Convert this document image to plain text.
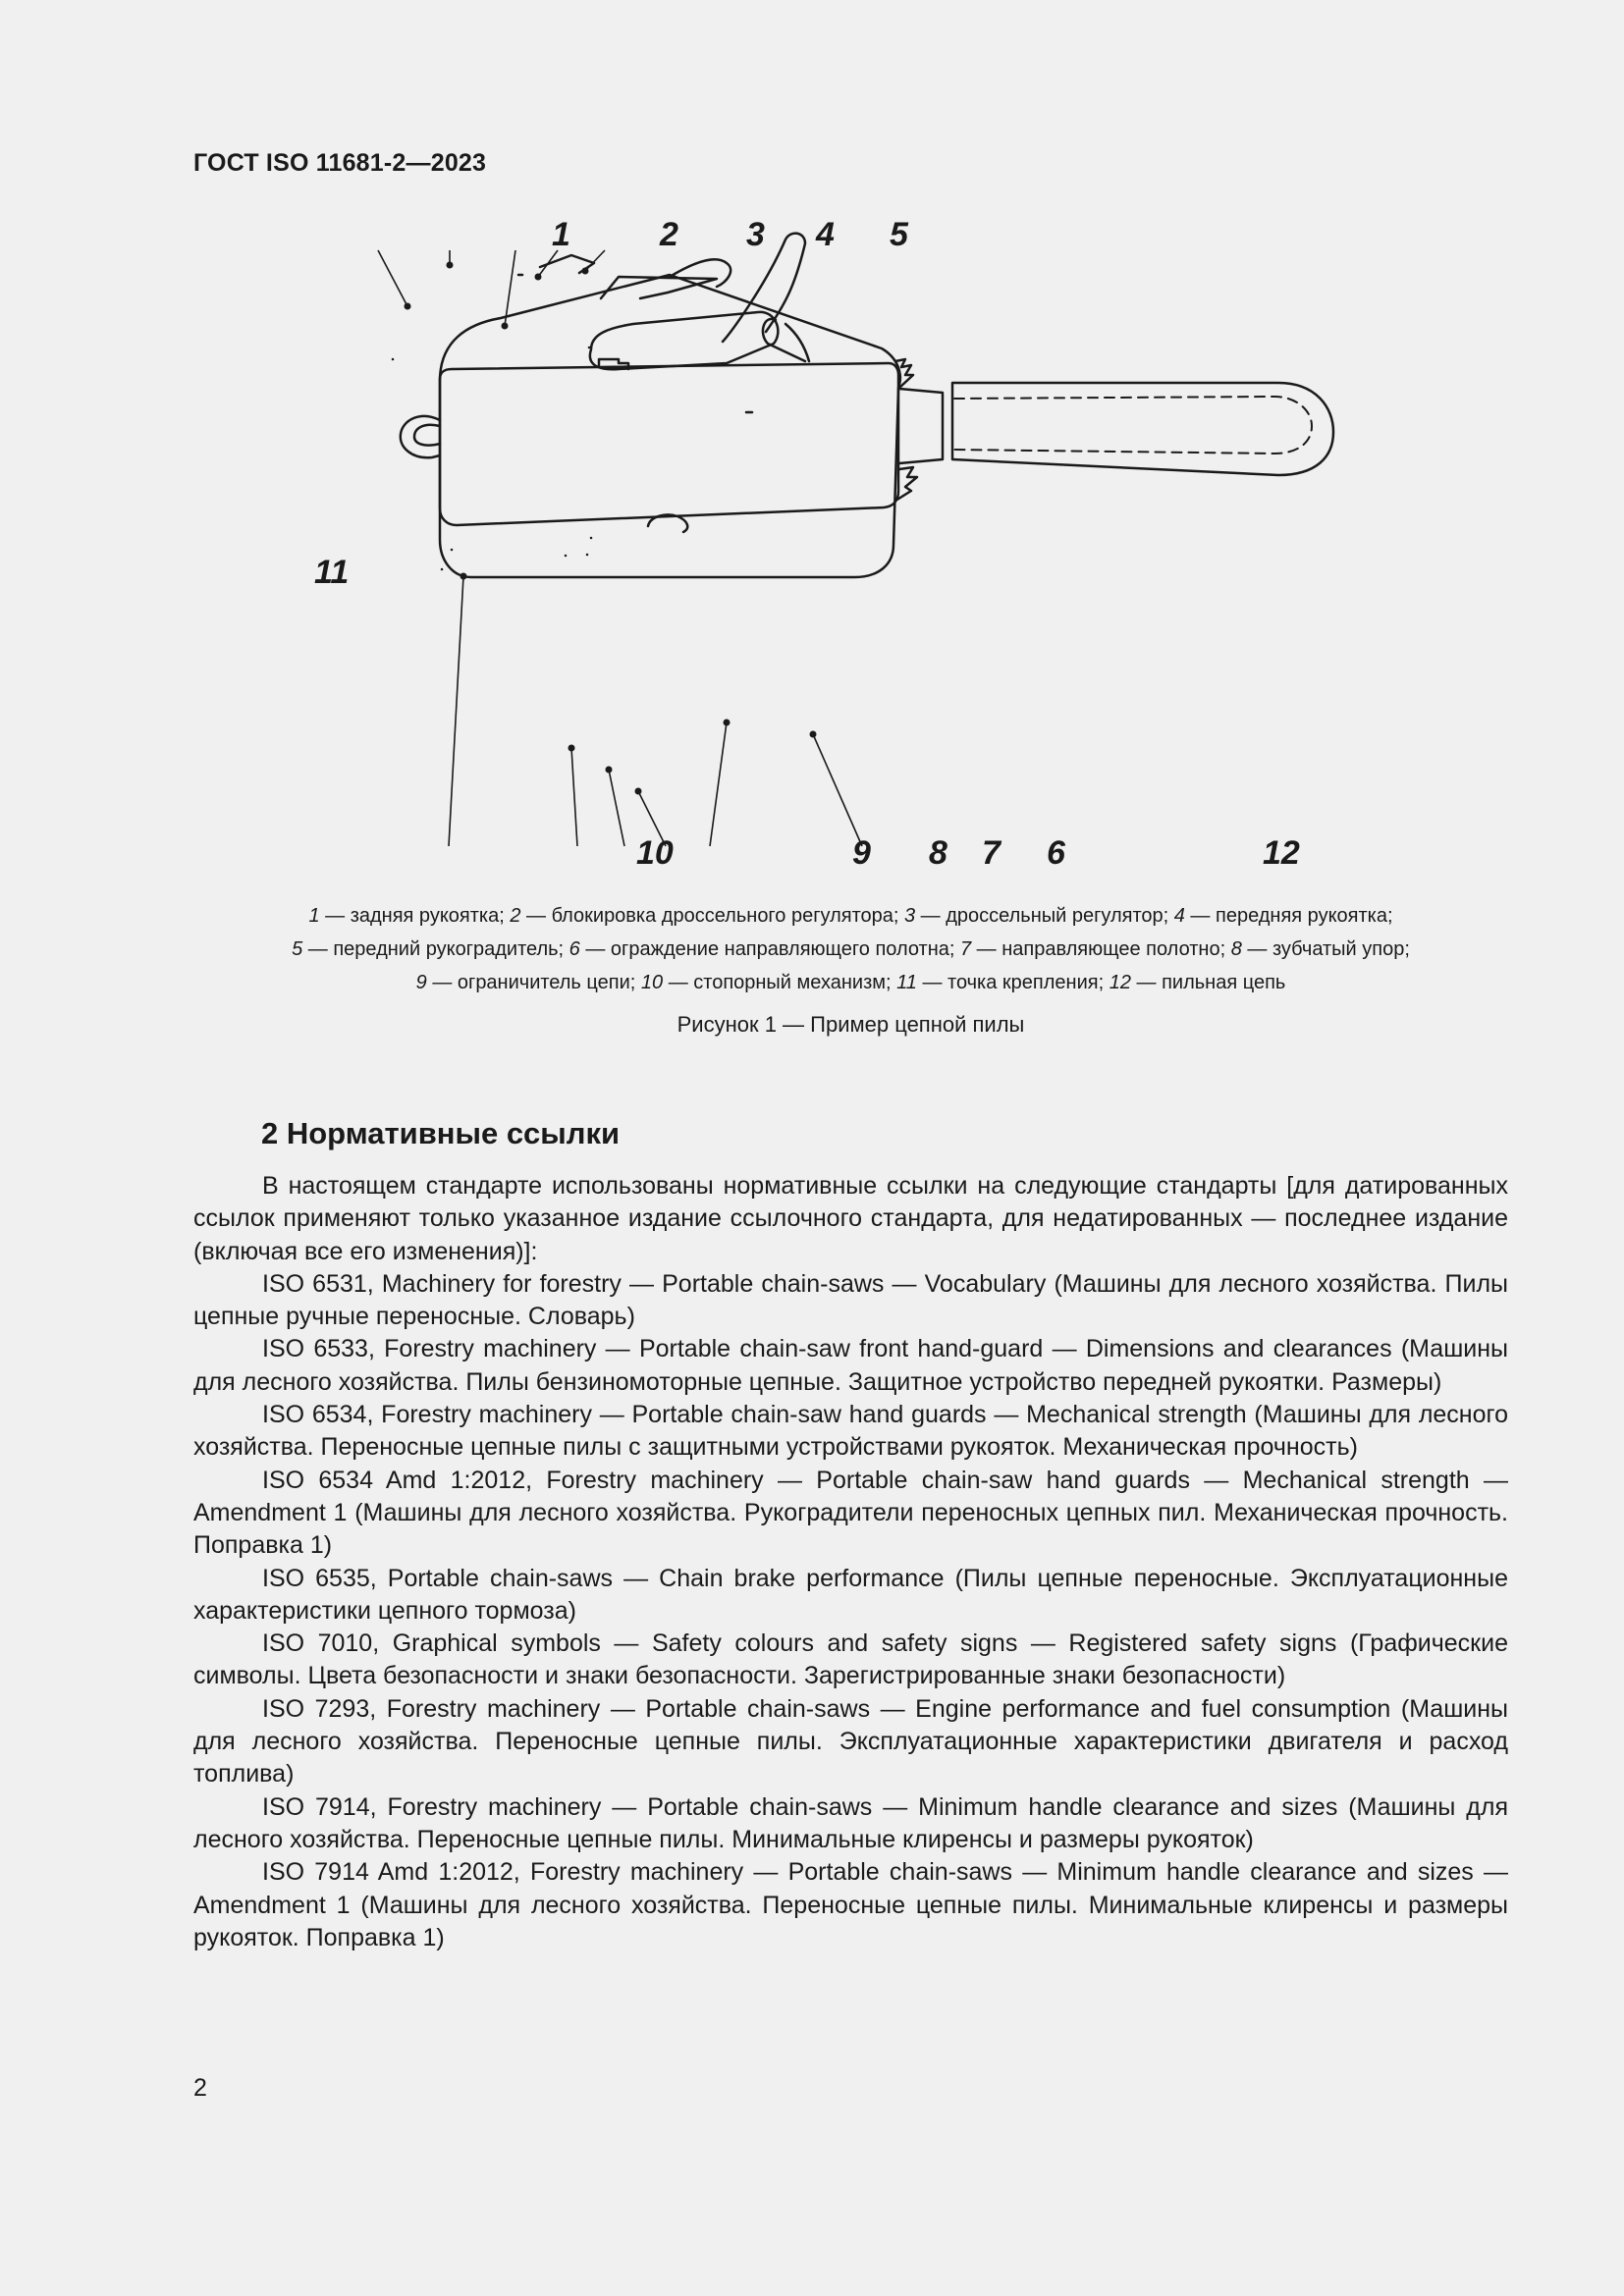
ГОСТ ISO 11681-2—2023
1	2 3 4 5
6
7
8
9
10
11
12
1 — задняя рукоятка; 2 — блокировка дроссельного регулятора; 3 — дроссельный регулятор; 4 — передняя рукоятка;
5 — передний рукоградитель; 6 — ограждение направляющего полотна; 7 — направляющее полотно; 8 — зубчатый упор;
9 — ограничитель цепи; 10 — стопорный механизм; 11 — точка крепления; 12 — пильная цепь
Рисунок 1 — Пример цепной пилы
2 Нормативные ссылки

В настоящем стандарте использованы нормативные ссылки на следующие стандарты [для датированных ссылок применяют только указанное издание ссылочного стандарта, для недатированных — последнее издание (включая все его изменения)]:

ISO 6531, Machinery for forestry — Portable chain-saws — Vocabulary (Машины для лесного хозяйства. Пилы цепные ручные переносные. Словарь)

ISO 6533, Forestry machinery — Portable chain-saw front hand-guard — Dimensions and clearances (Машины для лесного хозяйства. Пилы бензиномоторные цепные. Защитное устройство передней рукоятки. Размеры)

ISO 6534, Forestry machinery — Portable chain-saw hand guards — Mechanical strength (Машины для лесного хозяйства. Переносные цепные пилы с защитными устройствами рукояток. Механическая прочность)

ISO 6534 Amd 1:2012, Forestry machinery — Portable chain-saw hand guards — Mechanical strength — Amendment 1 (Машины для лесного хозяйства. Рукоградители переносных цепных пил. Механическая прочность. Поправка 1)

ISO 6535, Portable chain-saws — Chain brake performance (Пилы цепные переносные. Эксплуатационные характеристики цепного тормоза)

ISO 7010, Graphical symbols — Safety colours and safety signs — Registered safety signs (Графические символы. Цвета безопасности и знаки безопасности. Зарегистрированные знаки безопасности)

ISO 7293, Forestry machinery — Portable chain-saws — Engine performance and fuel consumption (Машины для лесного хозяйства. Переносные цепные пилы. Эксплуатационные характеристики двигателя и расход топлива)

ISO 7914, Forestry machinery — Portable chain-saws — Minimum handle clearance and sizes (Машины для лесного хозяйства. Переносные цепные пилы. Минимальные клиренсы и размеры рукояток)

ISO 7914 Amd 1:2012, Forestry machinery — Portable chain-saws — Minimum handle clearance and sizes — Amendment 1 (Машины для лесного хозяйства. Переносные цепные пилы. Минимальные клиренсы и размеры рукояток. Поправка 1)

2
